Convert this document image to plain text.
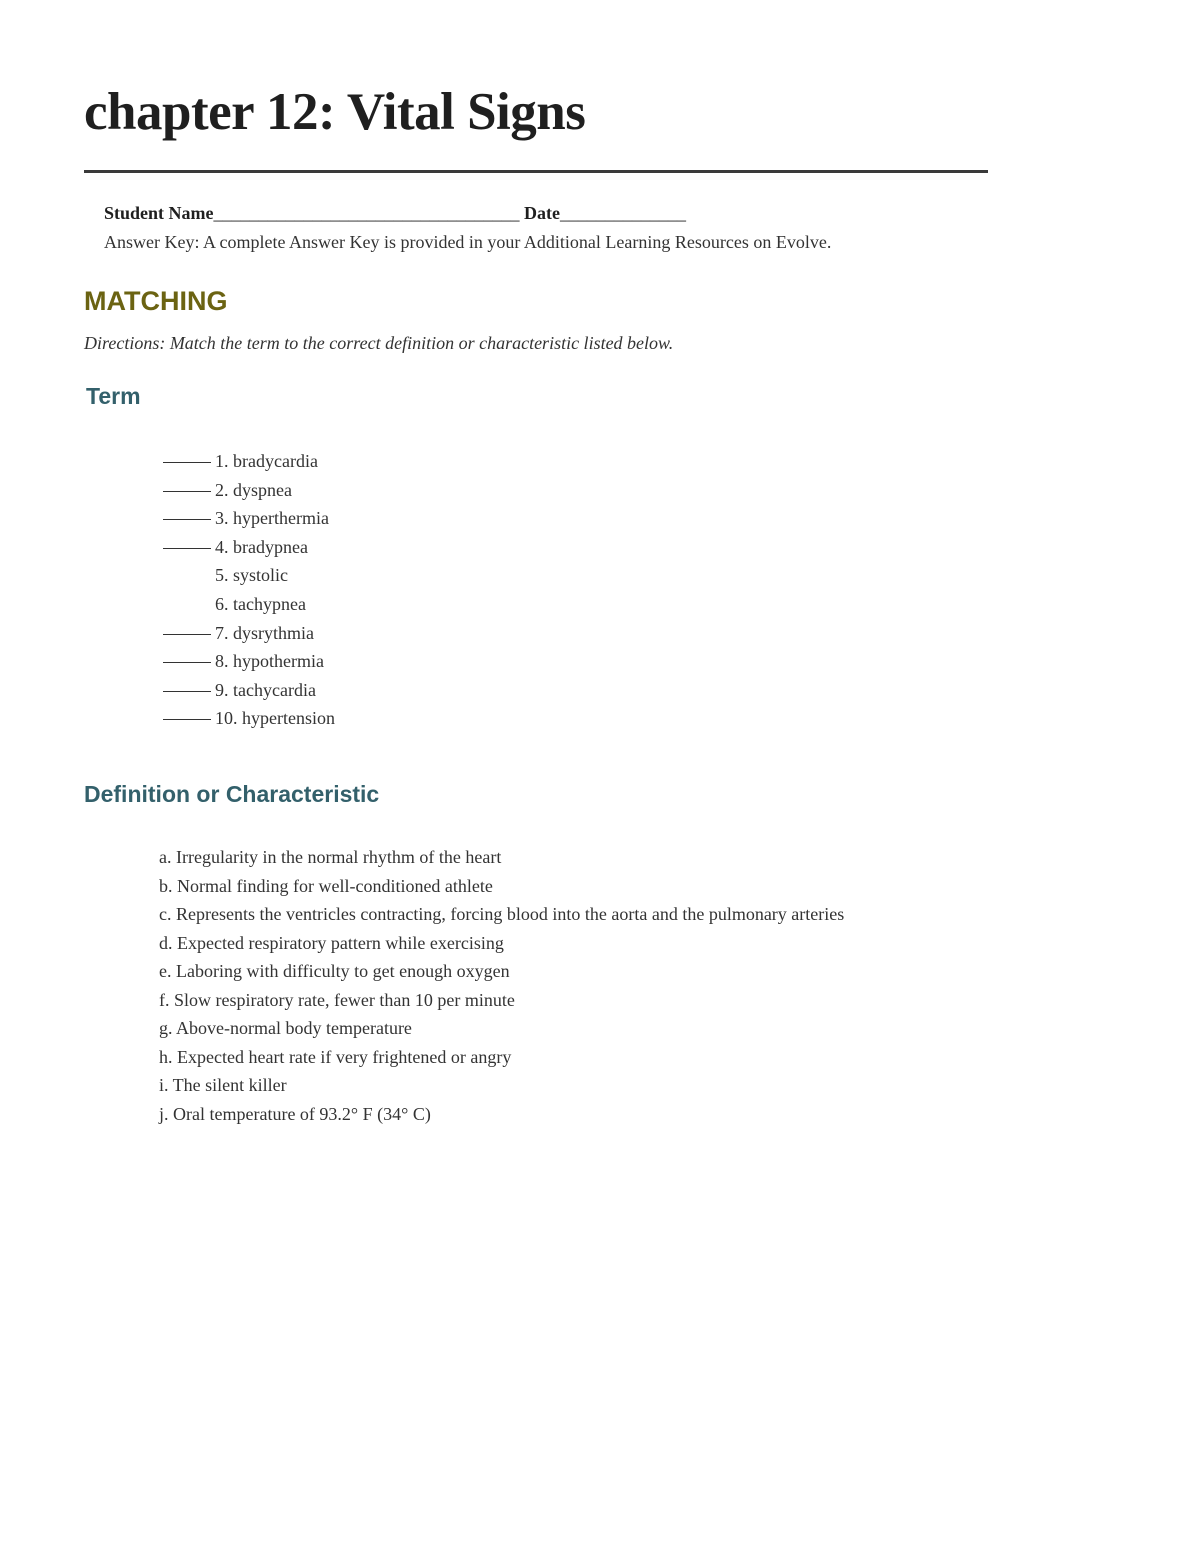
chapter 12: Vital Signs
Student Name__________________________________ Date______________
Answer Key: A complete Answer Key is provided in your Additional Learning Resources on Evolve.
MATCHING
Directions: Match the term to the correct definition or characteristic listed below.
Term
1. bradycardia
2. dyspnea
3. hyperthermia
4. bradypnea
5. systolic
6. tachypnea
7. dysrythmia
8. hypothermia
9. tachycardia
10. hypertension
Definition or Characteristic
a. Irregularity in the normal rhythm of the heart
b. Normal finding for well-conditioned athlete
c. Represents the ventricles contracting, forcing blood into the aorta and the pulmonary arteries
d. Expected respiratory pattern while exercising
e. Laboring with difficulty to get enough oxygen
f. Slow respiratory rate, fewer than 10 per minute
g. Above-normal body temperature
h. Expected heart rate if very frightened or angry
i. The silent killer
j. Oral temperature of 93.2° F (34° C)
